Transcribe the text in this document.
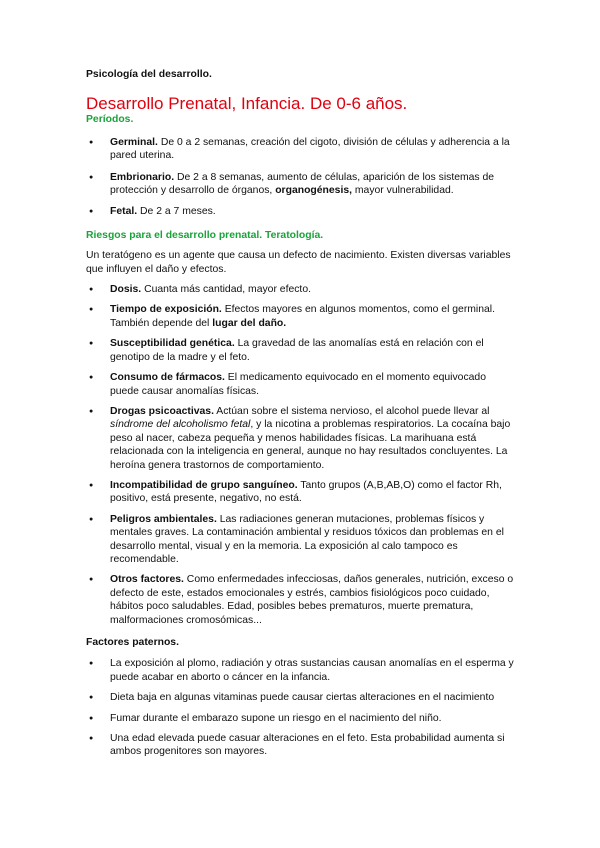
Psicología del desarrollo.

Desarrollo Prenatal, Infancia. De 0-6 años.

Períodos.

● Germinal. De 0 a 2 semanas, creación del cigoto, división de células y adherencia a la pared uterina.
● Embrionario. De 2 a 8 semanas, aumento de células, aparición de los sistemas de protección y desarrollo de órganos, organogénesis, mayor vulnerabilidad.
● Fetal. De 2 a 7 meses.

Riesgos para el desarrollo prenatal. Teratología.

Un teratógeno es un agente que causa un defecto de nacimiento. Existen diversas variables que influyen el daño y efectos.

● Dosis. Cuanta más cantidad, mayor efecto.
● Tiempo de exposición. Efectos mayores en algunos momentos, como el germinal. También depende del lugar del daño.
● Susceptibilidad genética. La gravedad de las anomalías está en relación con el genotipo de la madre y el feto.
● Consumo de fármacos. El medicamento equivocado en el momento equivocado puede causar anomalías físicas.
● Drogas psicoactivas. Actúan sobre el sistema nervioso, el alcohol puede llevar al síndrome del alcoholismo fetal, y la nicotina a problemas respiratorios. La cocaína bajo peso al nacer, cabeza pequeña y menos habilidades físicas. La marihuana está relacionada con la inteligencia en general, aunque no hay resultados concluyentes. La heroína genera trastornos de comportamiento.
● Incompatibilidad de grupo sanguíneo. Tanto grupos (A,B,AB,O) como el factor Rh, positivo, está presente, negativo, no está.
● Peligros ambientales. Las radiaciones generan mutaciones, problemas físicos y mentales graves. La contaminación ambiental y residuos tóxicos dan problemas en el desarrollo mental, visual y en la memoria. La exposición al calo tampoco es recomendable.
● Otros factores. Como enfermedades infecciosas, daños generales, nutrición, exceso o defecto de este, estados emocionales y estrés, cambios fisiológicos poco cuidado, hábitos poco saludables. Edad, posibles bebes prematuros, muerte prematura, malformaciones cromosómicas...

Factores paternos.

● La exposición al plomo, radiación y otras sustancias causan anomalías en el esperma y puede acabar en aborto o cáncer en la infancia.
● Dieta baja en algunas vitaminas puede causar ciertas alteraciones en el nacimiento
● Fumar durante el embarazo supone un riesgo en el nacimiento del niño.
● Una edad elevada puede casuar alteraciones en el feto. Esta probabilidad aumenta si ambos progenitores son mayores.
